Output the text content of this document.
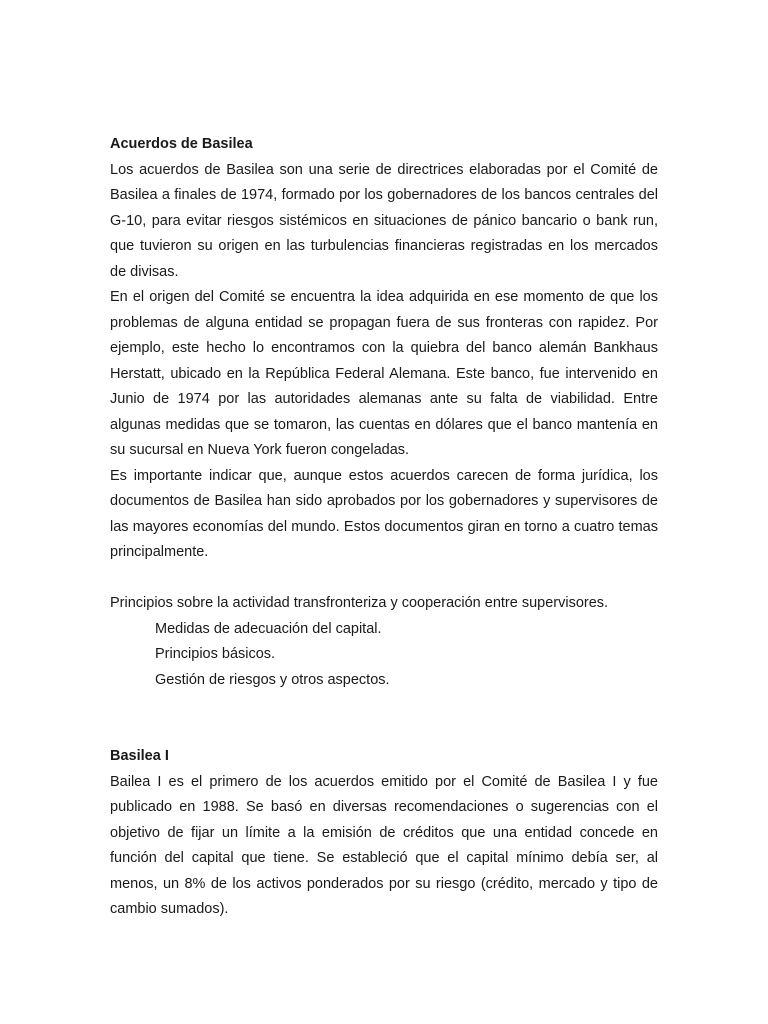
Acuerdos de Basilea

Los acuerdos de Basilea son una serie de directrices elaboradas por el Comité de Basilea a finales de 1974, formado por los gobernadores de los bancos centrales del G-10, para evitar riesgos sistémicos en situaciones de pánico bancario o bank run, que tuvieron su origen en las turbulencias financieras registradas en los mercados de divisas.

En el origen del Comité se encuentra la idea adquirida en ese momento de que los problemas de alguna entidad se propagan fuera de sus fronteras con rapidez. Por ejemplo, este hecho lo encontramos con la quiebra del banco alemán Bankhaus Herstatt, ubicado en la República Federal Alemana. Este banco, fue intervenido en Junio de 1974 por las autoridades alemanas ante su falta de viabilidad. Entre algunas medidas que se tomaron, las cuentas en dólares que el banco mantenía en su sucursal en Nueva York fueron congeladas.

Es importante indicar que, aunque estos acuerdos carecen de forma jurídica, los documentos de Basilea han sido aprobados por los gobernadores y supervisores de las mayores economías del mundo. Estos documentos giran en torno a cuatro temas principalmente.

Principios sobre la actividad transfronteriza y cooperación entre supervisores.

Medidas de adecuación del capital.

Principios básicos.

Gestión de riesgos y otros aspectos.

Basilea I

Bailea I es el primero de los acuerdos emitido por el Comité de Basilea I y fue publicado en 1988. Se basó en diversas recomendaciones o sugerencias con el objetivo de fijar un límite a la emisión de créditos que una entidad concede en función del capital que tiene. Se estableció que el capital mínimo debía ser, al menos, un 8% de los activos ponderados por su riesgo (crédito, mercado y tipo de cambio sumados).
